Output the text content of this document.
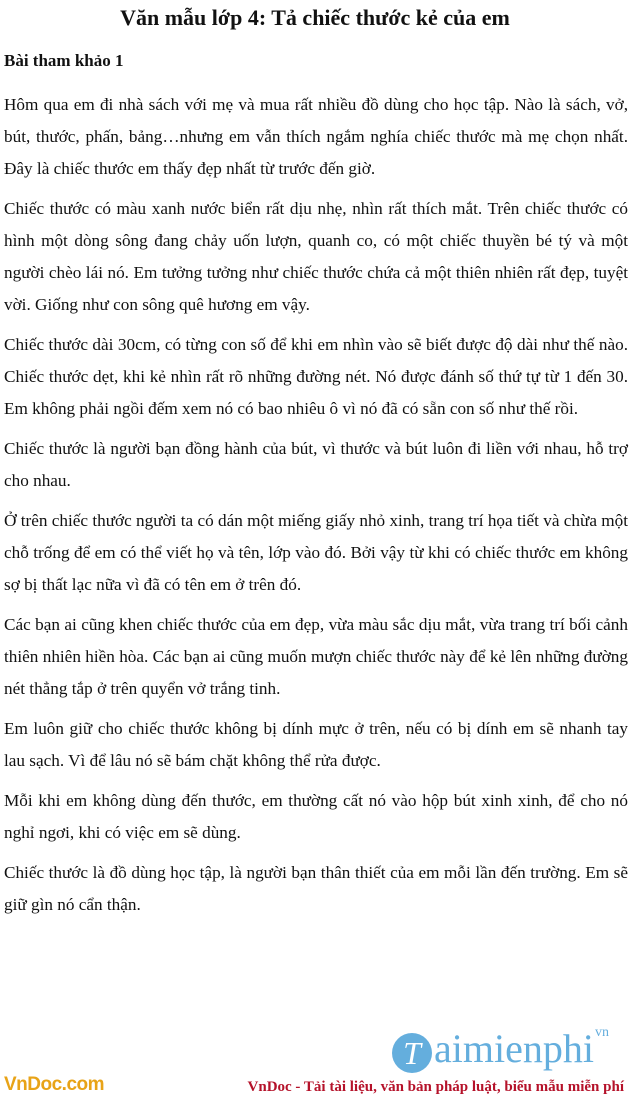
Văn mẫu lớp 4: Tả chiếc thước kẻ của em
Bài tham khảo 1

Hôm qua em đi nhà sách với mẹ và mua rất nhiều đồ dùng cho học tập. Nào là sách, vở, bút, thước, phấn, bảng…nhưng em vẫn thích ngắm nghía chiếc thước mà mẹ chọn nhất. Đây là chiếc thước em thấy đẹp nhất từ trước đến giờ.

Chiếc thước có màu xanh nước biển rất dịu nhẹ, nhìn rất thích mắt. Trên chiếc thước có hình một dòng sông đang chảy uốn lượn, quanh co, có một chiếc thuyền bé tý và một người chèo lái nó. Em tưởng tưởng như chiếc thước chứa cả một thiên nhiên rất đẹp, tuyệt vời. Giống như con sông quê hương em vậy.

Chiếc thước dài 30cm, có từng con số để khi em nhìn vào sẽ biết được độ dài như thế nào. Chiếc thước dẹt, khi kẻ nhìn rất rõ những đường nét. Nó được đánh số thứ tự từ 1 đến 30. Em không phải ngồi đếm xem nó có bao nhiêu ô vì nó đã có sẵn con số như thế rồi.

Chiếc thước là người bạn đồng hành của bút, vì thước và bút luôn đi liền với nhau, hỗ trợ cho nhau.

Ở trên chiếc thước người ta có dán một miếng giấy nhỏ xinh, trang trí họa tiết và chừa một chỗ trống để em có thể viết họ và tên, lớp vào đó. Bởi vậy từ khi có chiếc thước em không sợ bị thất lạc nữa vì đã có tên em ở trên đó.

Các bạn ai cũng khen chiếc thước của em đẹp, vừa màu sắc dịu mắt, vừa trang trí bối cảnh thiên nhiên hiền hòa. Các bạn ai cũng muốn mượn chiếc thước này để kẻ lên những đường nét thẳng tắp ở trên quyển vở trắng tinh.

Em luôn giữ cho chiếc thước không bị dính mực ở trên, nếu có bị dính em sẽ nhanh tay lau sạch. Vì để lâu nó sẽ bám chặt không thể rửa được.

Mỗi khi em không dùng đến thước, em thường cất nó vào hộp bút xinh xinh, để cho nó nghỉ ngơi, khi có việc em sẽ dùng.

Chiếc thước là đồ dùng học tập, là người bạn thân thiết của em mỗi lần đến trường. Em sẽ giữ gìn nó cẩn thận.

T aimienphi$^{vn}$
VnDoc.com	VnDoc - Tải tài liệu, văn bản pháp luật, biểu mẫu miễn phí
